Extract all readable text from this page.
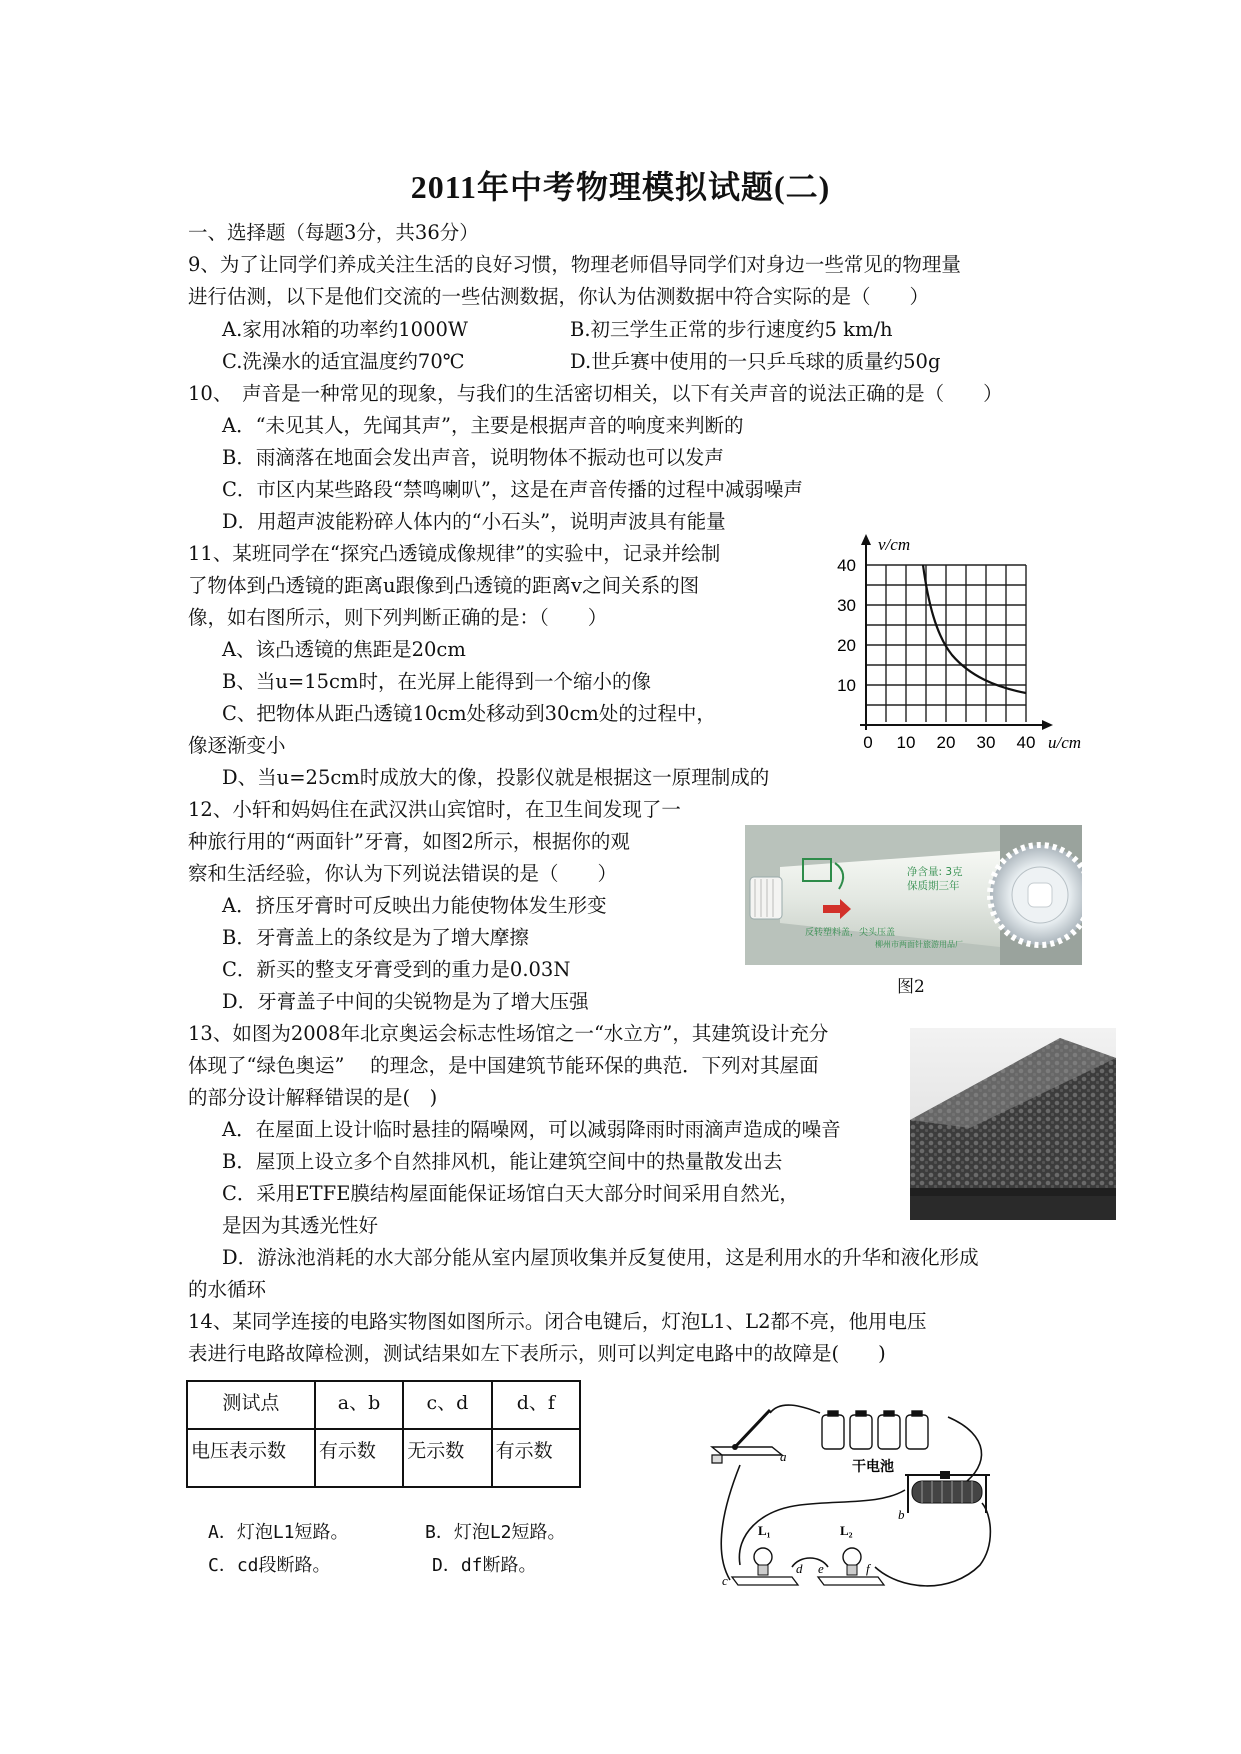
2011年中考物理模拟试题(二)
一、选择题（每题3分，共36分）
9、为了让同学们养成关注生活的良好习惯，物理老师倡导同学们对身边一些常见的物理量
进行估测，以下是他们交流的一些估测数据，你认为估测数据中符合实际的是（　　）
A.家用冰箱的功率约1000W	B.初三学生正常的步行速度约5 km/h
C.洗澡水的适宜温度约70℃	D.世乒赛中使用的一只乒乓球的质量约50g
10、　声音是一种常见的现象，与我们的生活密切相关，以下有关声音的说法正确的是（　　）
A．“未见其人，先闻其声”，主要是根据声音的响度来判断的
B．雨滴落在地面会发出声音，说明物体不振动也可以发声
C．市区内某些路段“禁鸣喇叭”，这是在声音传播的过程中减弱噪声
D．用超声波能粉碎人体内的“小石头”，说明声波具有能量
11、某班同学在“探究凸透镜成像规律”的实验中，记录并绘制
了物体到凸透镜的距离u跟像到凸透镜的距离v之间关系的图
像，如右图所示，则下列判断正确的是：（　　）
A、该凸透镜的焦距是20cm
B、当u=15cm时，在光屏上能得到一个缩小的像
C、把物体从距凸透镜10cm处移动到30cm处的过程中，
像逐渐变小
D、当u=25cm时成放大的像，投影仪就是根据这一原理制成的
v/cm
u/cm
0 10 20 30 40
10
20
30
40
12、小轩和妈妈住在武汉洪山宾馆时，在卫生间发现了一
种旅行用的“两面针”牙膏，如图2所示，根据你的观
察和生活经验，你认为下列说法错误的是（　　）
A．挤压牙膏时可反映出力能使物体发生形变
B．牙膏盖上的条纹是为了增大摩擦
C．新买的整支牙膏受到的重力是0.03N
D．牙膏盖子中间的尖锐物是为了增大压强
净含量: 3克
保质期三年
反转塑料盖，尖头压盖
柳州市两面针旅游用品厂
图2
13、如图为2008年北京奥运会标志性场馆之一“水立方”，其建筑设计充分
体现了“绿色奥运”　 的理念，是中国建筑节能环保的典范．下列对其屋面
的部分设计解释错误的是(　)
A．在屋面上设计临时悬挂的隔噪网，可以减弱降雨时雨滴声造成的噪音
B．屋顶上设立多个自然排风机，能让建筑空间中的热量散发出去
C．采用ETFE膜结构屋面能保证场馆白天大部分时间采用自然光，
是因为其透光性好
D．游泳池消耗的水大部分能从室内屋顶收集并反复使用，这是利用水的升华和液化形成
的水循环
14、某同学连接的电路实物图如图所示。闭合电键后，灯泡L1、L2都不亮，他用电压
表进行电路故障检测，测试结果如左下表所示，则可以判定电路中的故障是(　　)
测试点	a、b	c、d	d、f
电压表示数	有示数	无示数	有示数
A．灯泡L1短路。	B．灯泡L2短路。
C．cd段断路。	D．df断路。
a
干电池
b
L₁
c
d
L₂
e	f
